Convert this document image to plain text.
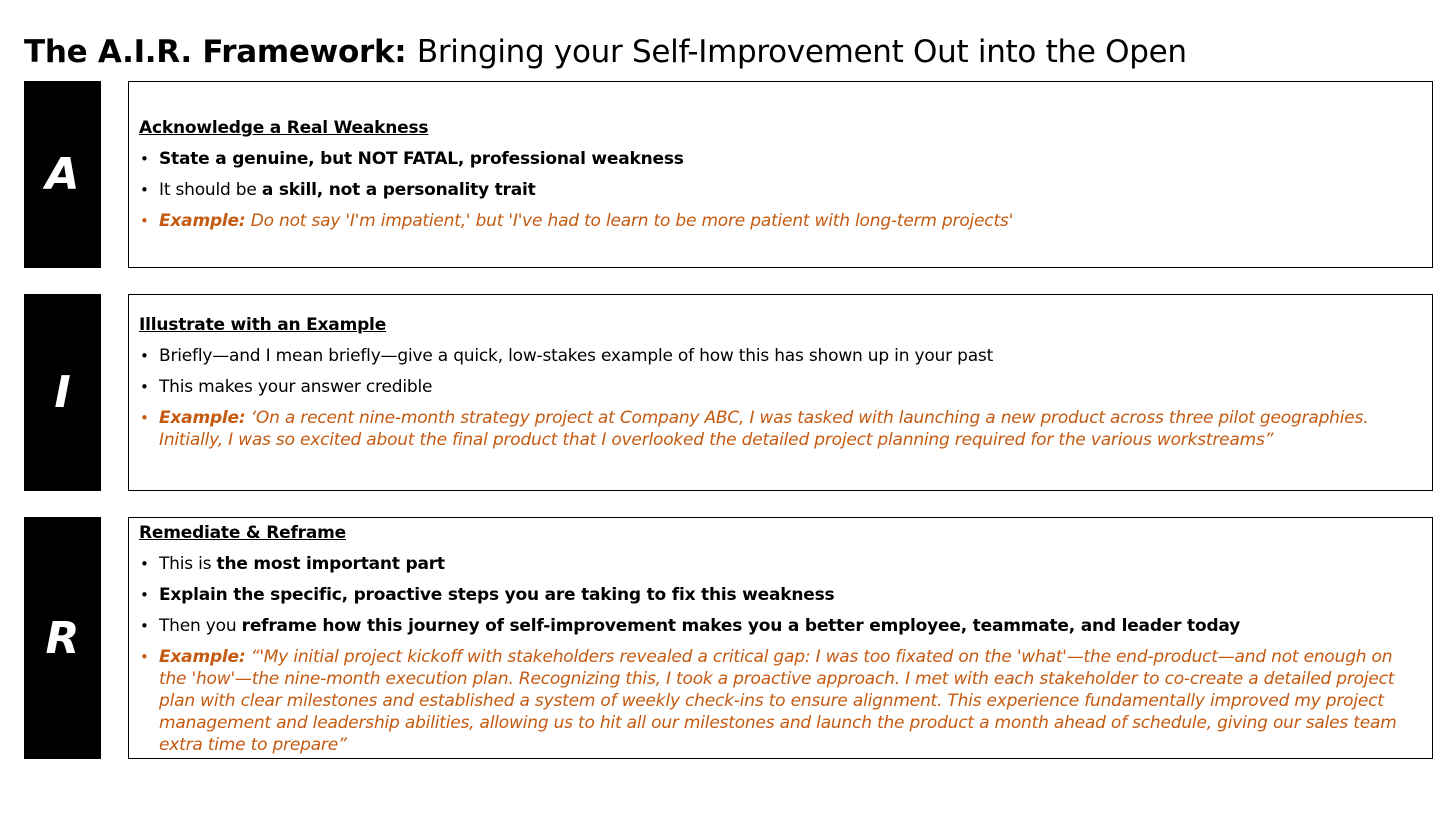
The A.I.R. Framework: Bringing your Self-Improvement Out into the Open
A

Acknowledge a Real Weakness

• State a genuine, but NOT FATAL, professional weakness
• It should be a skill, not a personality trait
• Example: Do not say 'I'm impatient,' but 'I've had to learn to be more patient with long-term projects'
I

Illustrate with an Example

• Briefly—and I mean briefly—give a quick, low-stakes example of how this has shown up in your past
• This makes your answer credible
• Example: ‘On a recent nine-month strategy project at Company ABC, I was tasked with launching a new product across three pilot geographies. Initially, I was so excited about the final product that I overlooked the detailed project planning required for the various workstreams”
R

Remediate & Reframe

• This is the most important part
• Explain the specific, proactive steps you are taking to fix this weakness
• Then you reframe how this journey of self-improvement makes you a better employee, teammate, and leader today
• Example: “'My initial project kickoff with stakeholders revealed a critical gap: I was too fixated on the 'what'—the end-product—and not enough on the 'how'—the nine-month execution plan. Recognizing this, I took a proactive approach. I met with each stakeholder to co-create a detailed project plan with clear milestones and established a system of weekly check-ins to ensure alignment. This experience fundamentally improved my project management and leadership abilities, allowing us to hit all our milestones and launch the product a month ahead of schedule, giving our sales team extra time to prepare”
